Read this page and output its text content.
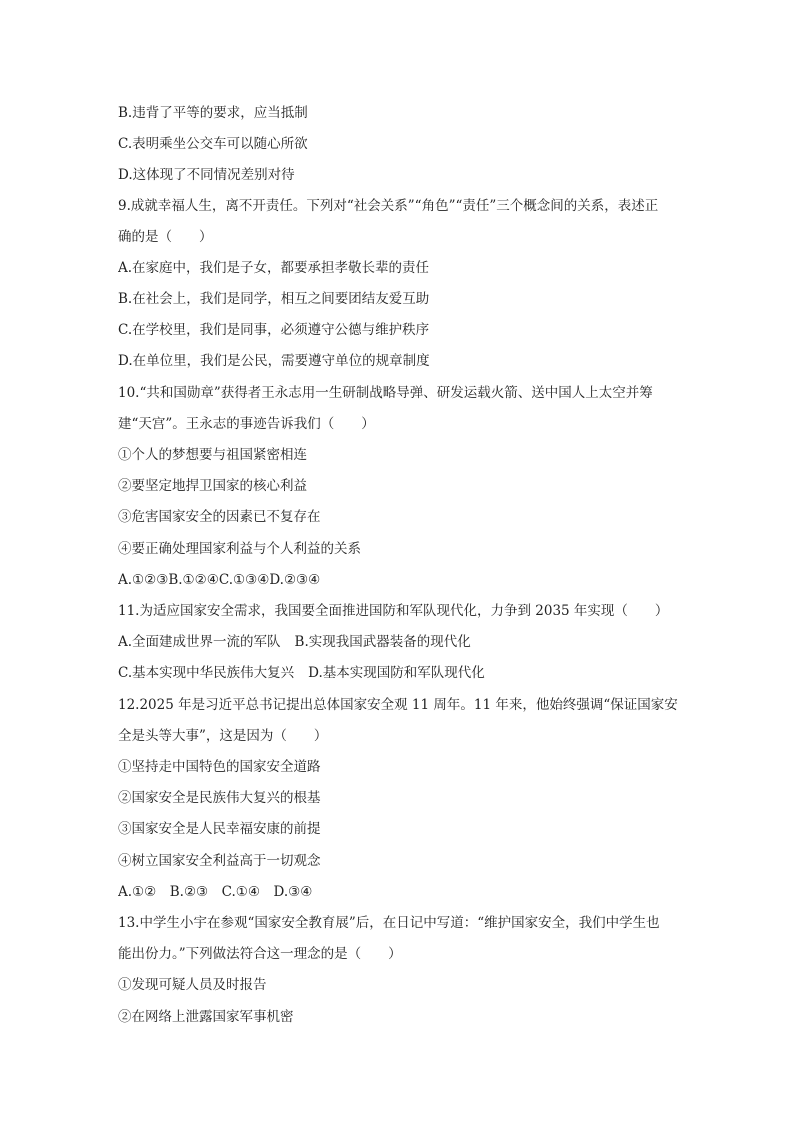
B.违背了平等的要求，应当抵制
C.表明乘坐公交车可以随心所欲
D.这体现了不同情况差别对待
9.成就幸福人生，离不开责任。下列对“社会关系”“角色”“责任”三个概念间的关系，表述正
确的是（　　）
A.在家庭中，我们是子女，都要承担孝敬长辈的责任
B.在社会上，我们是同学，相互之间要团结友爱互助
C.在学校里，我们是同事，必须遵守公德与维护秩序
D.在单位里，我们是公民，需要遵守单位的规章制度
10.“共和国勋章”获得者王永志用一生研制战略导弹、研发运载火箭、送中国人上太空并筹
建“天宫”。王永志的事迹告诉我们（　　）
①个人的梦想要与祖国紧密相连
②要坚定地捍卫国家的核心利益
③危害国家安全的因素已不复存在
④要正确处理国家利益与个人利益的关系
A.①②③B.①②④C.①③④D.②③④
11.为适应国家安全需求，我国要全面推进国防和军队现代化，力争到 2035 年实现（　　）
A.全面建成世界一流的军队 B.实现我国武器装备的现代化
C.基本实现中华民族伟大复兴 D.基本实现国防和军队现代化
12.2025 年是习近平总书记提出总体国家安全观 11 周年。11 年来，他始终强调“保证国家安
全是头等大事”，这是因为（　　）
①坚持走中国特色的国家安全道路
②国家安全是民族伟大复兴的根基
③国家安全是人民幸福安康的前提
④树立国家安全利益高于一切观念
A.①②　B.②③　C.①④　D.③④
13.中学生小宇在参观“国家安全教育展”后，在日记中写道：“维护国家安全，我们中学生也
能出份力。”下列做法符合这一理念的是（　　）
①发现可疑人员及时报告
②在网络上泄露国家军事机密
